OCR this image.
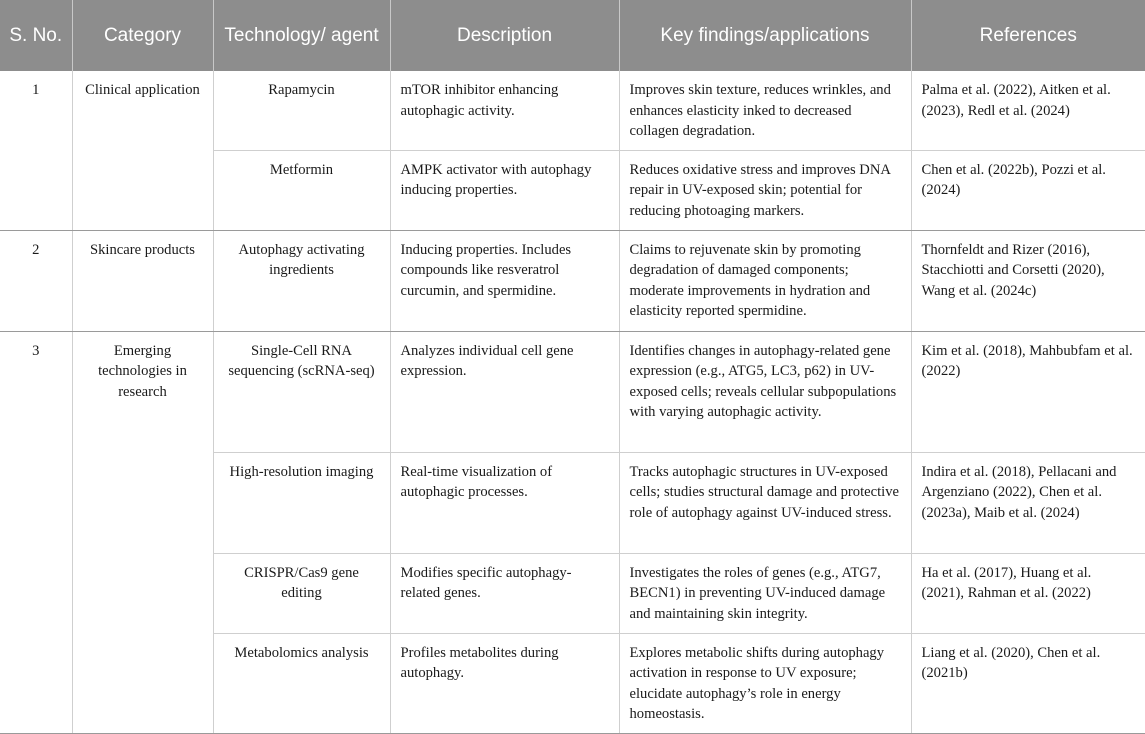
S. No.	Category	Technology/ agent	Description	Key findings/applications	References
1	Clinical application	Rapamycin	mTOR inhibitor enhancing autophagic activity.	Improves skin texture, reduces wrinkles, and enhances elasticity inked to decreased collagen degradation.	Palma et al. (2022), Aitken et al. (2023), Redl et al. (2024)
		Metformin	AMPK activator with autophagy inducing properties.	Reduces oxidative stress and improves DNA repair in UV-exposed skin; potential for reducing photoaging markers.	Chen et al. (2022b), Pozzi et al. (2024)
2	Skincare products	Autophagy activating ingredients	Inducing properties. Includes compounds like resveratrol curcumin, and spermidine.	Claims to rejuvenate skin by promoting degradation of damaged components; moderate improvements in hydration and elasticity reported spermidine.	Thornfeldt and Rizer (2016), Stacchiotti and Corsetti (2020), Wang et al. (2024c)
3	Emerging technologies in research	Single-Cell RNA sequencing (scRNA-seq)	Analyzes individual cell gene expression.	Identifies changes in autophagy-related gene expression (e.g., ATG5, LC3, p62) in UV-exposed cells; reveals cellular subpopulations with varying autophagic activity.	Kim et al. (2018), Mahbubfam et al. (2022)
		High-resolution imaging	Real-time visualization of autophagic processes.	Tracks autophagic structures in UV-exposed cells; studies structural damage and protective role of autophagy against UV-induced stress.	Indira et al. (2018), Pellacani and Argenziano (2022), Chen et al. (2023a), Maib et al. (2024)
		CRISPR/Cas9 gene editing	Modifies specific autophagy-related genes.	Investigates the roles of genes (e.g., ATG7, BECN1) in preventing UV-induced damage and maintaining skin integrity.	Ha et al. (2017), Huang et al. (2021), Rahman et al. (2022)
		Metabolomics analysis	Profiles metabolites during autophagy.	Explores metabolic shifts during autophagy activation in response to UV exposure; elucidate autophagy’s role in energy homeostasis.	Liang et al. (2020), Chen et al. (2021b)
